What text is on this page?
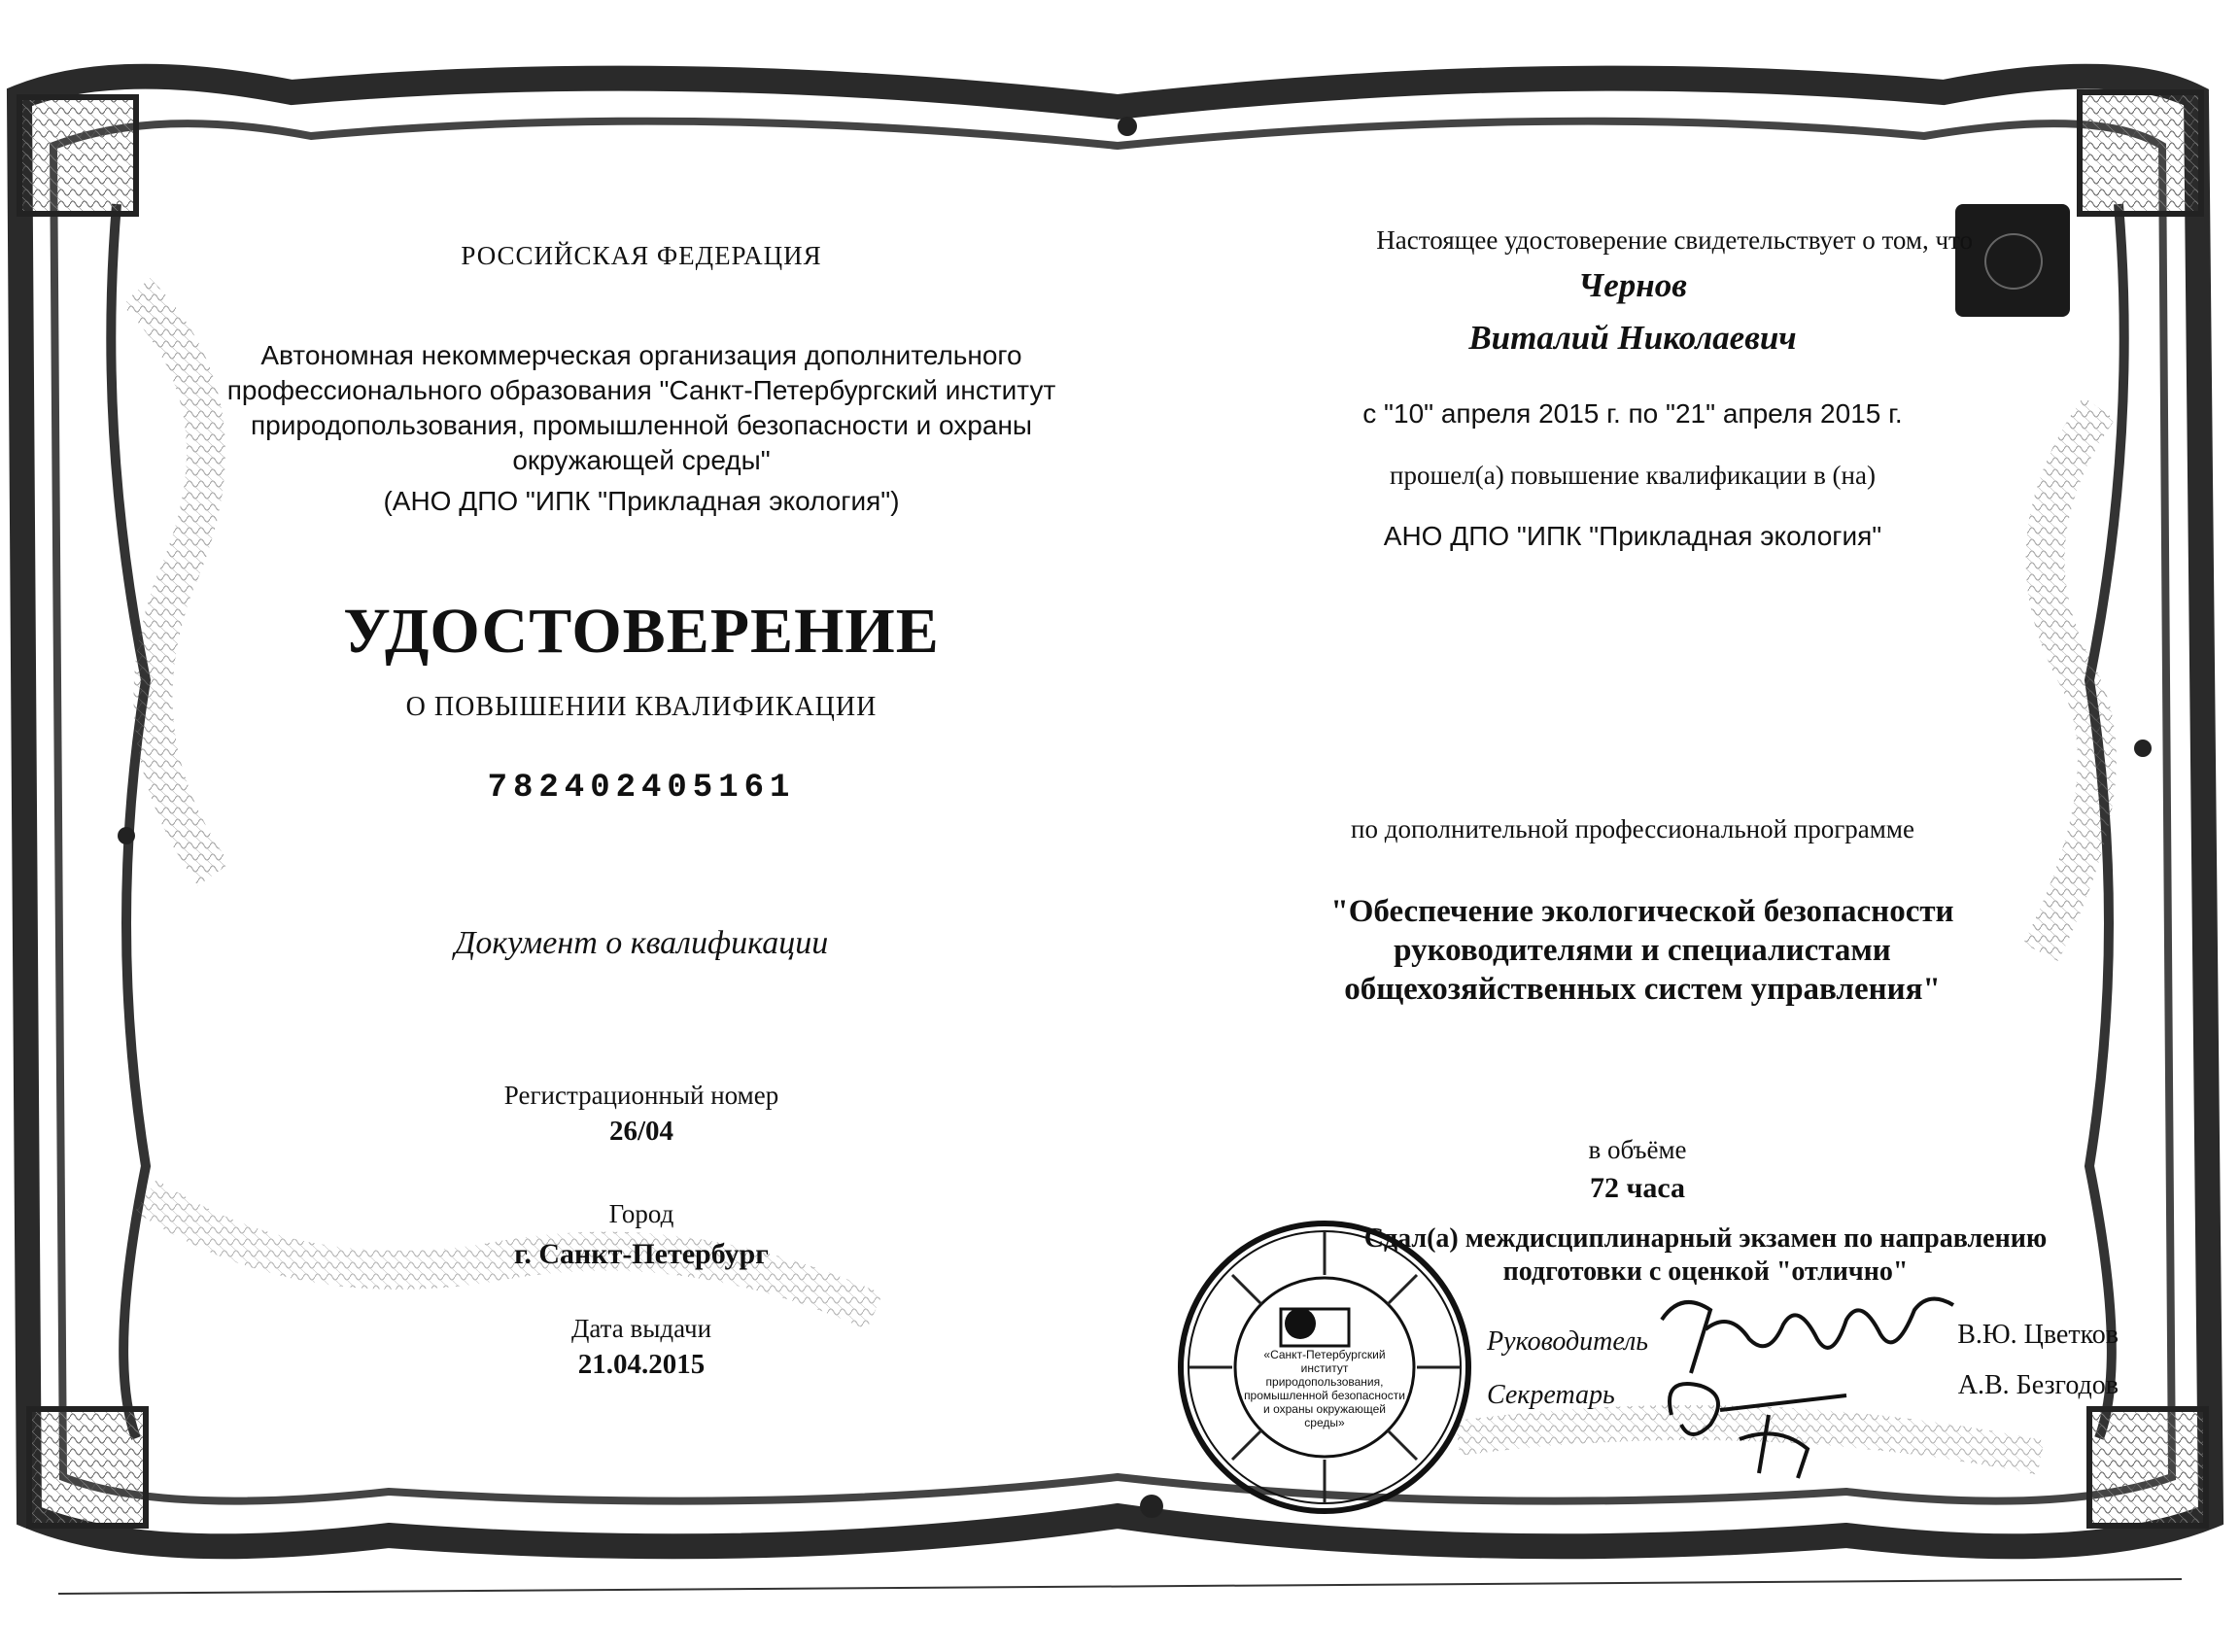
РОССИЙСКАЯ ФЕДЕРАЦИЯ
Автономная некоммерческая организация дополнительного профессионального образования "Санкт-Петербургский институт природопользования, промышленной безопасности и охраны окружающей среды"
(АНО ДПО "ИПК "Прикладная экология")
УДОСТОВЕРЕНИЕ
О ПОВЫШЕНИИ КВАЛИФИКАЦИИ
782402405161
Документ о квалификации
Регистрационный номер
26/04
Город
г. Санкт-Петербург
Дата выдачи
21.04.2015
Настоящее удостоверение свидетельствует о том, что
Чернов
Виталий Николаевич
с "10" апреля 2015 г. по "21" апреля 2015 г.
прошел(а) повышение квалификации в (на)
АНО ДПО "ИПК "Прикладная экология"
по дополнительной профессиональной программе
"Обеспечение экологической безопасности руководителями и специалистами общехозяйственных систем управления"
в объёме
72 часа
Сдал(а) междисциплинарный экзамен по направлению подготовки с оценкой "отлично"
Руководитель
Секретарь
В.Ю. Цветков
А.В. Безгодов
«Санкт-Петербургский институт природопользования, промышленной безопасности и охраны окружающей среды»
